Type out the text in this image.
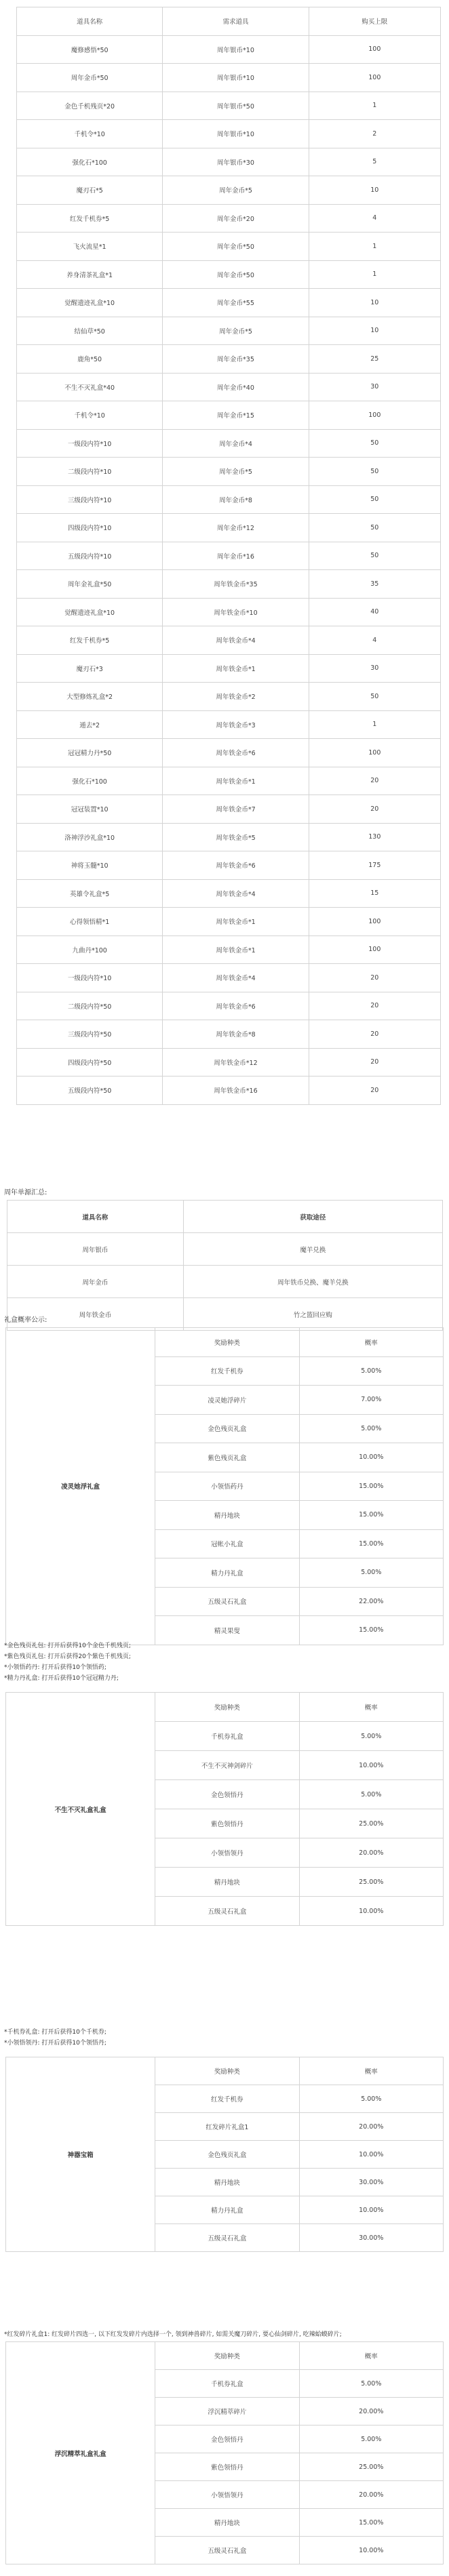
道具名称	需求道具	购买上限
魔修感悟*50	周年银币*10	100
周年金币*50	周年银币*10	100
金色千机残页*20	周年银币*50	1
千机令*10	周年银币*10	2
强化石*100	周年银币*30	5
魔刃石*5	周年金币*5	10
红发千机券*5	周年金币*20	4
飞火流星*1	周年金币*50	1
养身清茶礼盒*1	周年金币*50	1
觉醒遗迹礼盒*10	周年金币*55	10
结仙草*50	周年金币*5	10
鹿角*50	周年金币*35	25
不生不灭礼盒*40	周年金币*40	30
千机令*10	周年金币*15	100
一级段内符*10	周年金币*4	50
二级段内符*10	周年金币*5	50
三级段内符*10	周年金币*8	50
四级段内符*10	周年金币*12	50
五级段内符*10	周年金币*16	50
周年金礼盒*50	周年铁金币*35	35
觉醒遗迹礼盒*10	周年铁金币*10	40
红发千机券*5	周年铁金币*4	4
魔刃石*3	周年铁金币*1	30
大型修炼礼盒*2	周年铁金币*2	50
遁去*2	周年铁金币*3	1
冠冠精力丹*50	周年铁金币*6	100
强化石*100	周年铁金币*1	20
冠冠装置*10	周年铁金币*7	20
洛神浮沙礼盒*10	周年铁金币*5	130
神将玉髓*10	周年铁金币*6	175
英雄令礼盒*5	周年铁金币*4	15
心得领悟精*1	周年铁金币*1	100
九曲丹*100	周年铁金币*1	100
一级段内符*10	周年铁金币*4	20
二级段内符*50	周年铁金币*6	20
三级段内符*50	周年铁金币*8	20
四级段内符*50	周年铁金币*12	20
五级段内符*50	周年铁金币*16	20
周年单源汇总:
道具名称	获取途径
周年银币	魔羊兑换
周年金币	周年铁币兑换、魔羊兑换
周年铁金币	竹之篮回应购
礼盒概率公示:
凌灵她浮礼盒	奖励种类	概率
	红发千机券	5.00%
	凌灵她浮碎片	7.00%
	金色残页礼盒	5.00%
	紫色残页礼盒	10.00%
	小领悟药丹	15.00%
	精丹地块	15.00%
	冠帐小礼盒	15.00%
	精力丹礼盒	5.00%
	五级灵石礼盒	22.00%
	精灵果叟	15.00%
*金色残页礼包: 打开后获得10个金色千机残页;
*紫色残页礼包: 打开后获得20个紫色千机残页;
*小领悟药丹: 打开后获得10个领悟药;
*精力丹礼盒: 打开后获得10个冠冠精力丹;
不生不灭礼盒礼盒	奖励种类	概率
	千机券礼盒	5.00%
	不生不灭神剑碎片	10.00%
	金色领悟丹	5.00%
	紫色领悟丹	25.00%
	小领悟领丹	20.00%
	精丹地块	25.00%
	五级灵石礼盒	10.00%
*千机券礼盒: 打开后获得10个千机券;
*小领悟领丹: 打开后获得10个领悟丹;
神器宝箱	奖励种类	概率
	红发千机券	5.00%
	红发碎片礼盒1	20.00%
	金色残页礼盒	10.00%
	精丹地块	30.00%
	精力丹礼盒	10.00%
	五级灵石礼盒	30.00%
*红发碎片礼盒1: 红发碎片四选一, 以下红发发碎片内选择一个, 领到神兽碎片, 如需关魔刀碎片, 要心仙剑碎片, 吃辣蛤蟆碎片;
浮沉精萃礼盒礼盒	奖励种类	概率
	千机券礼盒	5.00%
	浮沉精萃碎片	20.00%
	金色领悟丹	5.00%
	紫色领悟丹	25.00%
	小领悟领丹	20.00%
	精丹地块	15.00%
	五级灵石礼盒	10.00%
